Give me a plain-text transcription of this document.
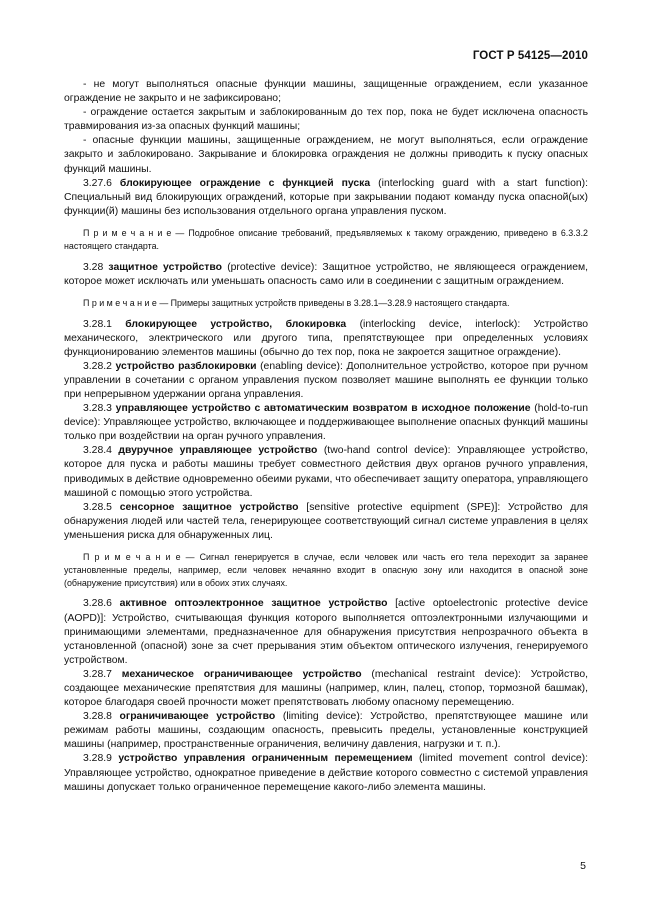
ГОСТ Р 54125—2010

- не могут выполняться опасные функции машины, защищенные ограждением, если указанное ограждение не закрыто и не зафиксировано;

- ограждение остается закрытым и заблокированным до тех пор, пока не будет исключена опасность травмирования из-за опасных функций машины;

- опасные функции машины, защищенные ограждением, не могут выполняться, если ограждение закрыто и заблокировано. Закрывание и блокировка ограждения не должны приводить к пуску опасных функций машины.

3.27.6 блокирующее ограждение с функцией пуска (interlocking guard with a start function): Специальный вид блокирующих ограждений, которые при закрывании подают команду пуска опасной(ых) функции(й) машины без использования отдельного органа управления пуском.

П р и м е ч а н и е — Подробное описание требований, предъявляемых к такому ограждению, приведено в 6.3.3.2 настоящего стандарта.

3.28 защитное устройство (protective device): Защитное устройство, не являющееся ограждением, которое может исключать или уменьшать опасность само или в соединении с защитным ограждением.

П р и м е ч а н и е — Примеры защитных устройств приведены в 3.28.1—3.28.9 настоящего стандарта.

3.28.1 блокирующее устройство, блокировка (interlocking device, interlock): Устройство механического, электрического или другого типа, препятствующее при определенных условиях функционированию элементов машины (обычно до тех пор, пока не закроется защитное ограждение).

3.28.2 устройство разблокировки (enabling device): Дополнительное устройство, которое при ручном управлении в сочетании с органом управления пуском позволяет машине выполнять ее функции только при непрерывном удержании органа управления.

3.28.3 управляющее устройство с автоматическим возвратом в исходное положение (hold-to-run device): Управляющее устройство, включающее и поддерживающее выполнение опасных функций машины только при воздействии на орган ручного управления.

3.28.4 двуручное управляющее устройство (two-hand control device): Управляющее устройство, которое для пуска и работы машины требует совместного действия двух органов ручного управления, приводимых в действие одновременно обеими руками, что обеспечивает защиту оператора, управляющего машиной с помощью этого устройства.

3.28.5 сенсорное защитное устройство [sensitive protective equipment (SPE)]: Устройство для обнаружения людей или частей тела, генерирующее соответствующий сигнал системе управления в целях уменьшения риска для обнаруженных лиц.

П р и м е ч а н и е — Сигнал генерируется в случае, если человек или часть его тела переходит за заранее установленные пределы, например, если человек нечаянно входит в опасную зону или находится в опасной зоне (обнаружение присутствия) или в обоих этих случаях.

3.28.6 активное оптоэлектронное защитное устройство [active optoelectronic protective device (AOPD)]: Устройство, считывающая функция которого выполняется оптоэлектронными излучающими и принимающими элементами, предназначенное для обнаружения присутствия непрозрачного объекта в установленной (опасной) зоне за счет прерывания этим объектом оптического излучения, генерируемого устройством.

3.28.7 механическое ограничивающее устройство (mechanical restraint device): Устройство, создающее механические препятствия для машины (например, клин, палец, стопор, тормозной башмак), которое благодаря своей прочности может препятствовать любому опасному перемещению.

3.28.8 ограничивающее устройство (limiting device): Устройство, препятствующее машине или режимам работы машины, создающим опасность, превысить пределы, установленные конструкцией машины (например, пространственные ограничения, величину давления, нагрузки и т. п.).

3.28.9 устройство управления ограниченным перемещением (limited movement control device): Управляющее устройство, однократное приведение в действие которого совместно с системой управления машины допускает только ограниченное перемещение какого-либо элемента машины.

5
